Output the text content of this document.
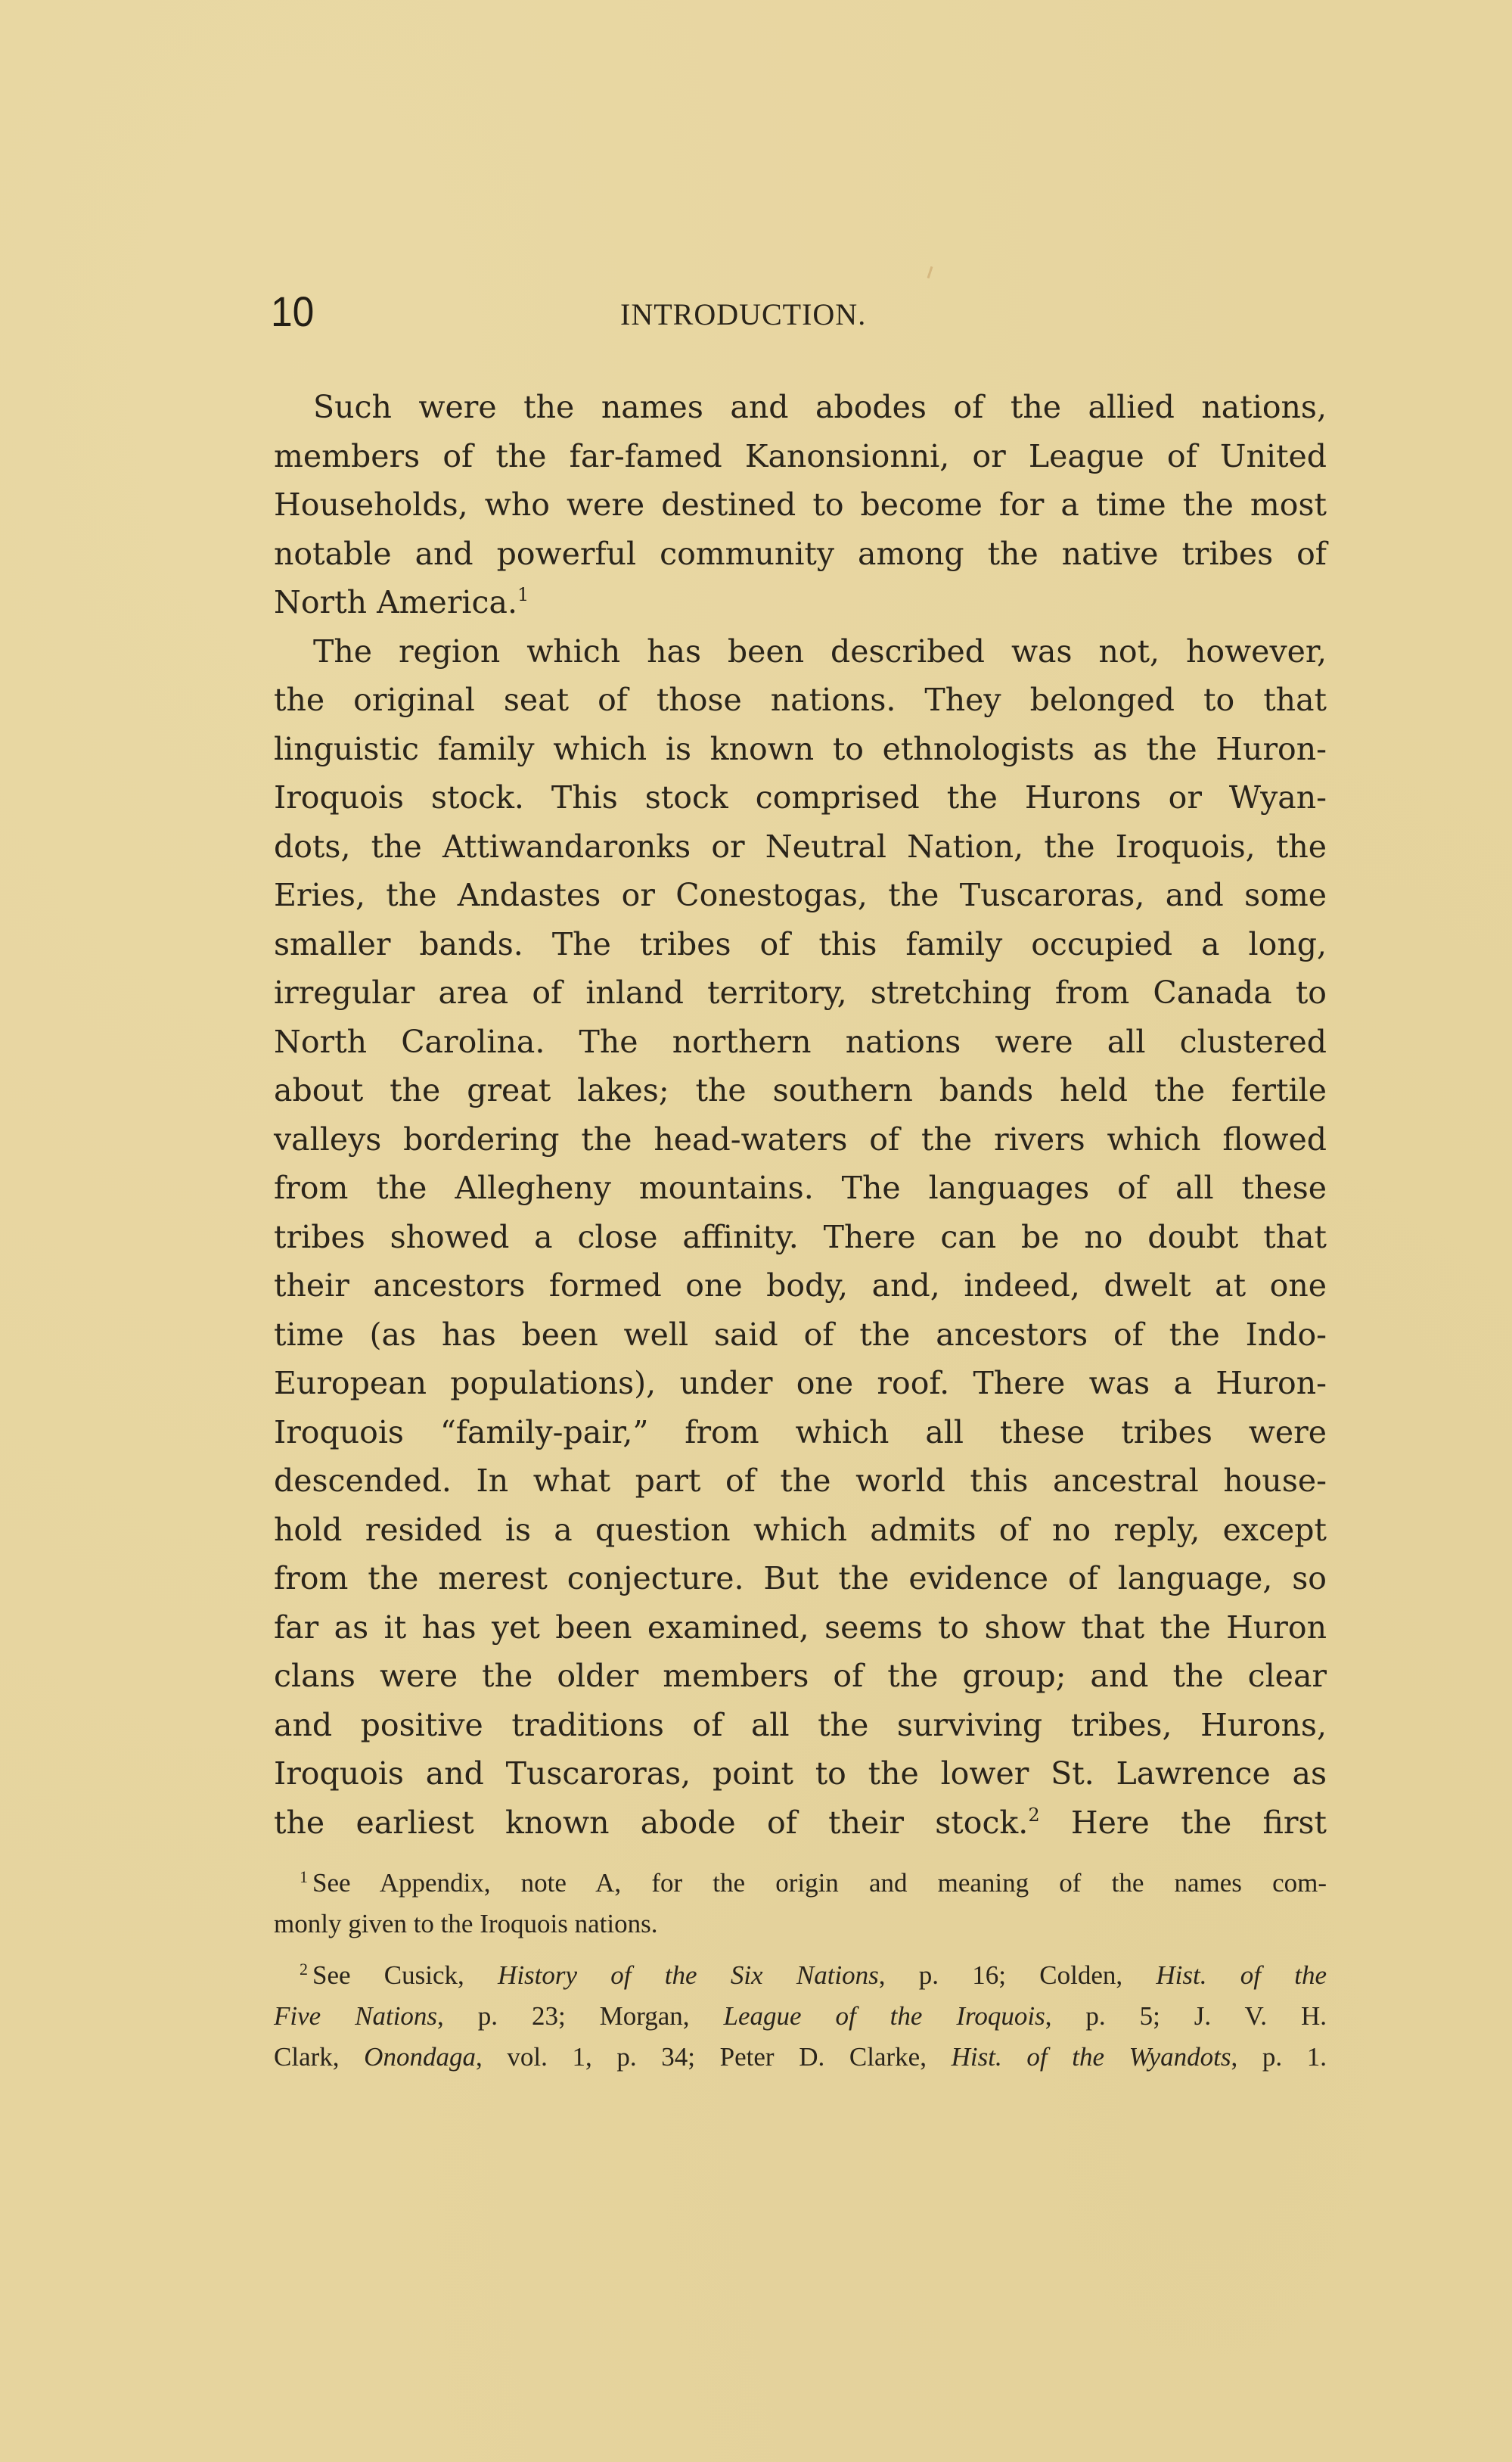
10	INTRODUCTION.
Such were the names and abodes of the allied nations,
members of the far-famed Kanonsionni, or League of United
Households, who were destined to become for a time the most
notable and powerful community among the native tribes of
North America.$^1$
The region which has been described was not, however,
the original seat of those nations. They belonged to that
linguistic family which is known to ethnologists as the Huron-
Iroquois stock. This stock comprised the Hurons or Wyan-
dots, the Attiwandaronks or Neutral Nation, the Iroquois, the
Eries, the Andastes or Conestogas, the Tuscaroras, and some
smaller bands. The tribes of this family occupied a long,
irregular area of inland territory, stretching from Canada to
North Carolina. The northern nations were all clustered
about the great lakes; the southern bands held the fertile
valleys bordering the head-waters of the rivers which flowed
from the Allegheny mountains. The languages of all these
tribes showed a close affinity. There can be no doubt that
their ancestors formed one body, and, indeed, dwelt at one
time (as has been well said of the ancestors of the Indo-
European populations), under one roof. There was a Huron-
Iroquois “family-pair,” from which all these tribes were
descended. In what part of the world this ancestral house-
hold resided is a question which admits of no reply, except
from the merest conjecture. But the evidence of language, so
far as it has yet been examined, seems to show that the Huron
clans were the older members of the group; and the clear
and positive traditions of all the surviving tribes, Hurons,
Iroquois and Tuscaroras, point to the lower St. Lawrence as
the earliest known abode of their stock.$^2$ Here the first
$^1$ See Appendix, note A, for the origin and meaning of the names com-
monly given to the Iroquois nations.
$^2$ See Cusick, History of the Six Nations, p. 16; Colden, Hist. of the
Five Nations, p. 23; Morgan, League of the Iroquois, p. 5; J. V. H.
Clark, Onondaga, vol. 1, p. 34; Peter D. Clarke, Hist. of the Wyandots, p. 1.
